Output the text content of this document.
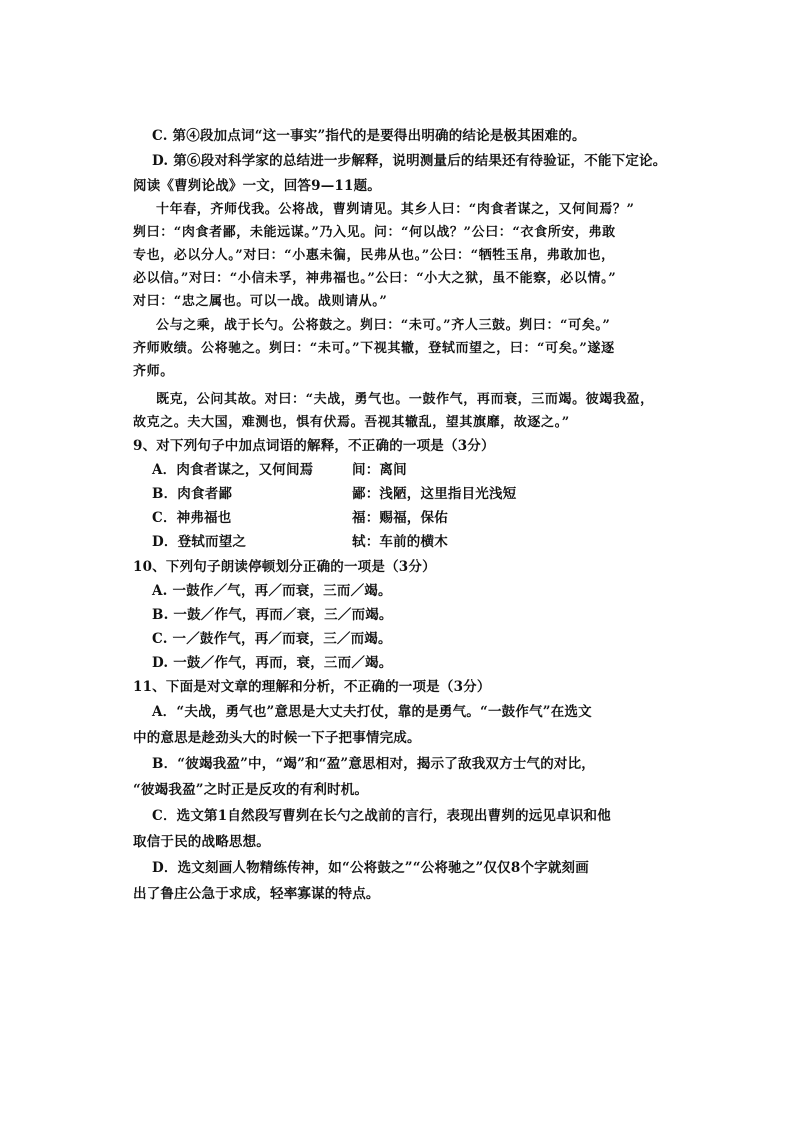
C. 第④段加点词“这一事实”指代的是要得出明确的结论是极其困难的。
D. 第⑥段对科学家的总结进一步解释，说明测量后的结果还有待验证，不能下定论。
阅读《曹刿论战》一文，回答9—11题。
十年春，齐师伐我。公将战，曹刿请见。其乡人曰：“肉食者谋之，又何间焉？”
刿曰：“肉食者鄙，未能远谋。”乃入见。问：“何以战？”公曰：“衣食所安，弗敢
专也，必以分人。”对曰：“小惠未徧，民弗从也。”公曰：“牺牲玉帛，弗敢加也，
必以信。”对曰：“小信未孚，神弗福也。”公曰：“小大之狱，虽不能察，必以情。”
对曰：“忠之属也。可以一战。战则请从。”
公与之乘，战于长勺。公将鼓之。刿曰：“未可。”齐人三鼓。刿曰：“可矣。”
齐师败绩。公将驰之。刿曰：“未可。”下视其辙，登轼而望之，曰：“可矣。”遂逐
齐师。
既克，公问其故。对曰：“夫战，勇气也。一鼓作气，再而衰，三而竭。彼竭我盈，
故克之。夫大国，难测也，惧有伏焉。吾视其辙乱，望其旗靡，故逐之。”
9、对下列句子中加点词语的解释，不正确的一项是（3分）
A．肉食者谋之，又何间焉	间：离间
B．肉食者鄙	鄙：浅陋，这里指目光浅短
C．神弗福也	福：赐福，保佑
D．登轼而望之	轼：车前的横木
10、下列句子朗读停顿划分正确的一项是（3分）
A. 一鼓作／气，再／而衰，三而／竭。
B. 一鼓／作气，再而／衰，三／而竭。
C. 一／鼓作气，再／而衰，三／而竭。
D. 一鼓／作气，再而，衰，三而／竭。
11、下面是对文章的理解和分析，不正确的一项是（3分）
A．“夫战，勇气也”意思是大丈夫打仗，靠的是勇气。“一鼓作气”在选文
中的意思是趁劲头大的时候一下子把事情完成。
B．“彼竭我盈”中，“竭”和“盈”意思相对，揭示了敌我双方士气的对比，
“彼竭我盈”之时正是反攻的有利时机。
C．选文第1自然段写曹刿在长勺之战前的言行，表现出曹刿的远见卓识和他
取信于民的战略思想。
D．选文刻画人物精练传神，如“公将鼓之”“公将驰之”仅仅8个字就刻画
出了鲁庄公急于求成，轻率寡谋的特点。
